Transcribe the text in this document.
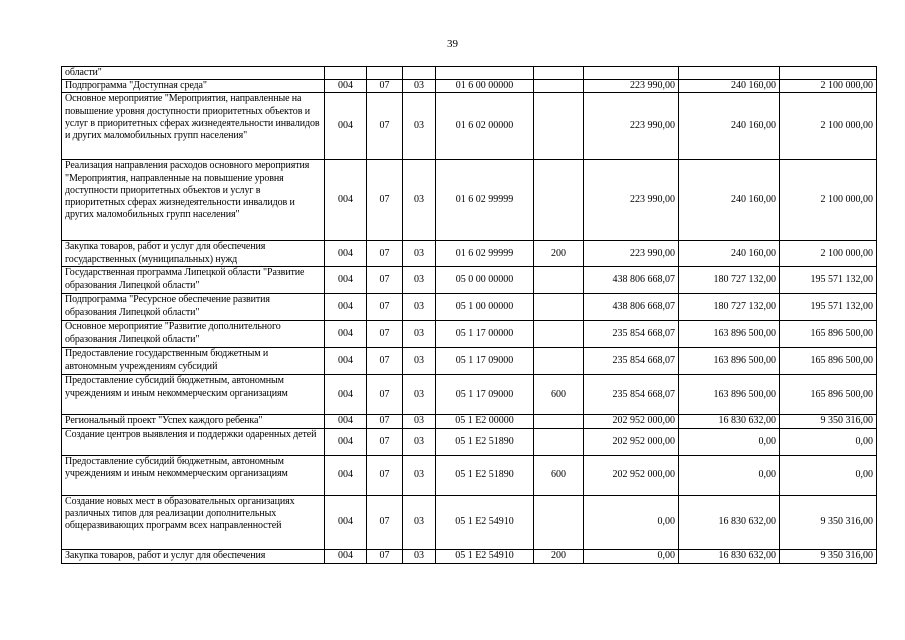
39
области"								
Подпрограмма "Доступная среда"	004	07	03	01 6 00 00000		223 990,00	240 160,00	2 100 000,00
Основное мероприятие "Мероприятия, направленные на повышение уровня доступности приоритетных объектов и услуг в приоритетных сферах жизнедеятельности инвалидов и других маломобильных групп населения"	004	07	03	01 6 02 00000		223 990,00	240 160,00	2 100 000,00
Реализация направления расходов основного мероприятия "Мероприятия, направленные на повышение уровня доступности приоритетных объектов и услуг в приоритетных сферах жизнедеятельности инвалидов и других маломобильных групп населения"	004	07	03	01 6 02 99999		223 990,00	240 160,00	2 100 000,00
Закупка товаров, работ и услуг для обеспечения государственных (муниципальных) нужд	004	07	03	01 6 02 99999	200	223 990,00	240 160,00	2 100 000,00
Государственная программа Липецкой области "Развитие образования Липецкой области"	004	07	03	05 0 00 00000		438 806 668,07	180 727 132,00	195 571 132,00
Подпрограмма "Ресурсное обеспечение развития образования Липецкой области"	004	07	03	05 1 00 00000		438 806 668,07	180 727 132,00	195 571 132,00
Основное мероприятие "Развитие дополнительного образования Липецкой области"	004	07	03	05 1 17 00000		235 854 668,07	163 896 500,00	165 896 500,00
Предоставление государственным бюджетным и автономным учреждениям субсидий	004	07	03	05 1 17 09000		235 854 668,07	163 896 500,00	165 896 500,00
Предоставление субсидий бюджетным, автономным учреждениям и иным некоммерческим организациям	004	07	03	05 1 17 09000	600	235 854 668,07	163 896 500,00	165 896 500,00
Региональный проект "Успех каждого ребенка"	004	07	03	05 1 E2 00000		202 952 000,00	16 830 632,00	9 350 316,00
Создание центров выявления и поддержки одаренных детей	004	07	03	05 1 E2 51890		202 952 000,00	0,00	0,00
Предоставление субсидий бюджетным, автономным учреждениям и иным некоммерческим организациям	004	07	03	05 1 E2 51890	600	202 952 000,00	0,00	0,00
Создание новых мест в образовательных организациях различных типов для реализации дополнительных общеразвивающих программ всех направленностей	004	07	03	05 1 E2 54910		0,00	16 830 632,00	9 350 316,00
Закупка товаров, работ и услуг для обеспечения	004	07	03	05 1 E2 54910	200	0,00	16 830 632,00	9 350 316,00
